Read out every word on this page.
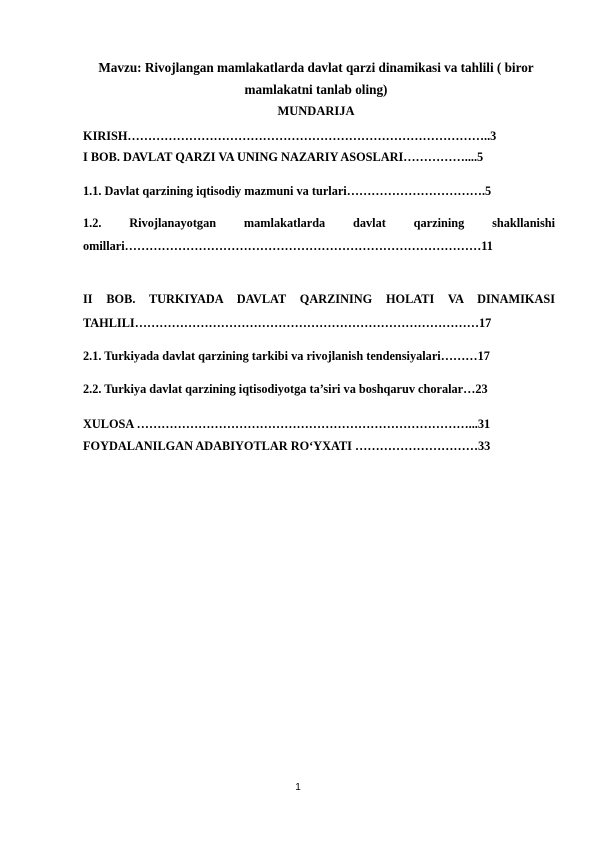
Mavzu: Rivojlangan mamlakatlarda davlat qarzi dinamikasi va tahlili ( biror
mamlakatni tanlab oling)
MUNDARIJA
KIRISH……………………………………………………………………………..3
I BOB. DAVLAT QARZI VA UNING NAZARIY ASOSLARI……………....5
1.1. Davlat qarzining iqtisodiy mazmuni va turlari…………………………….5
1.2. Rivojlanayotgan mamlakatlarda davlat qarzining shakllanishi
omillari……………………………………………………………………………11
II BOB. TURKIYADA DAVLAT QARZINING HOLATI VA DINAMIKASI
TAHLILI…………………………………………………………………………17
2.1. Turkiyada davlat qarzining tarkibi va rivojlanish tendensiyalari………17
2.2. Turkiya davlat qarzining iqtisodiyotga ta’siri va boshqaruv choralar…23
XULOSA ………………………………………………………………………...31
FOYDALANILGAN ADABIYOTLAR RO‘YXATI …………………………33
1
